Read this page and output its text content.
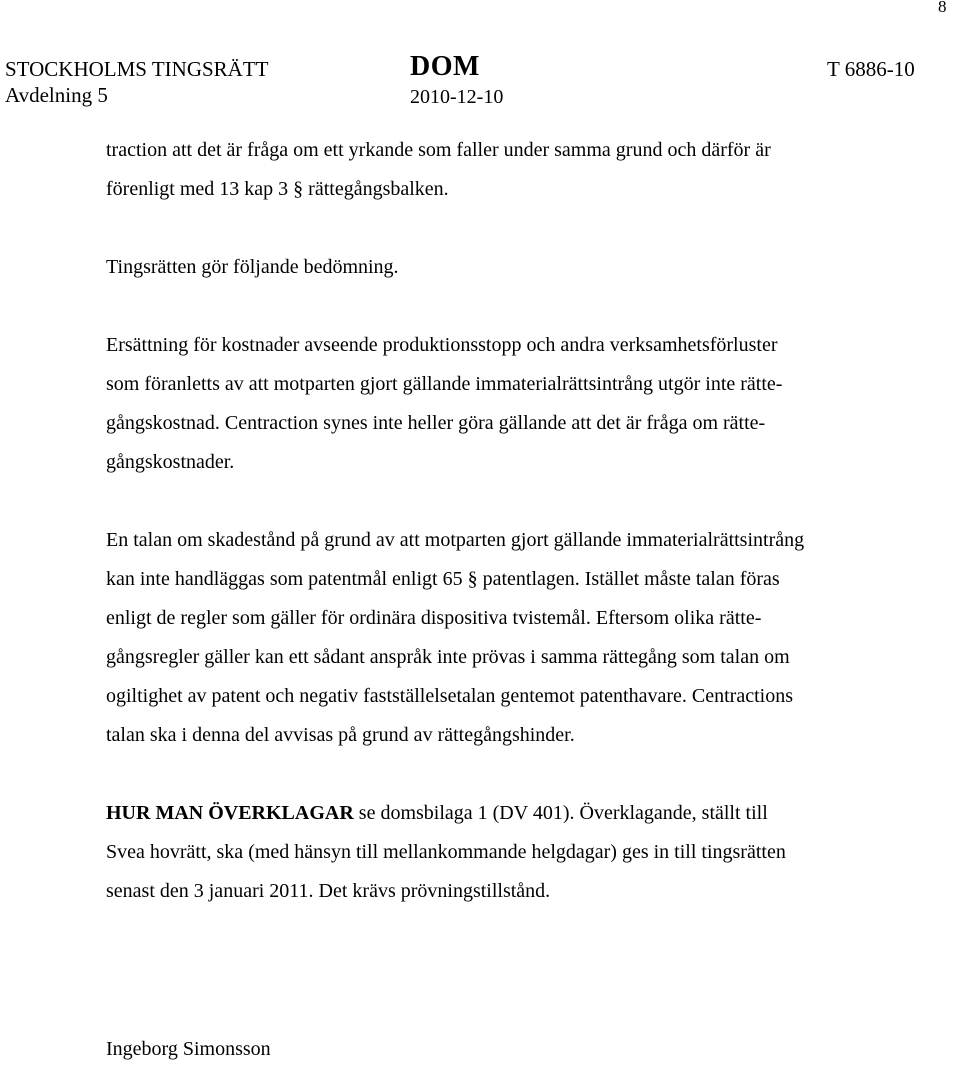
8
STOCKHOLMS TINGSRÄTT
Avdelning 5
DOM
2010-12-10
T 6886-10
traction att det är fråga om ett yrkande som faller under samma grund och därför är
förenligt med 13 kap 3 § rättegångsbalken.
Tingsrätten gör följande bedömning.
Ersättning för kostnader avseende produktionsstopp och andra verksamhetsförluster
som föranletts av att motparten gjort gällande immaterialrättsintrång utgör inte rätte-
gångskostnad. Centraction synes inte heller göra gällande att det är fråga om rätte-
gångskostnader.
En talan om skadestånd på grund av att motparten gjort gällande immaterialrättsintrång
kan inte handläggas som patentmål enligt 65 § patentlagen. Istället måste talan föras
enligt de regler som gäller för ordinära dispositiva tvistemål. Eftersom olika rätte-
gångsregler gäller kan ett sådant anspråk inte prövas i samma rättegång som talan om
ogiltighet av patent och negativ fastställelsetalan gentemot patenthavare. Centractions
talan ska i denna del avvisas på grund av rättegångshinder.
HUR MAN ÖVERKLAGAR se domsbilaga 1 (DV 401). Överklagande, ställt till
Svea hovrätt, ska (med hänsyn till mellankommande helgdagar) ges in till tingsrätten
senast den 3 januari 2011. Det krävs prövningstillstånd.
Ingeborg Simonsson
